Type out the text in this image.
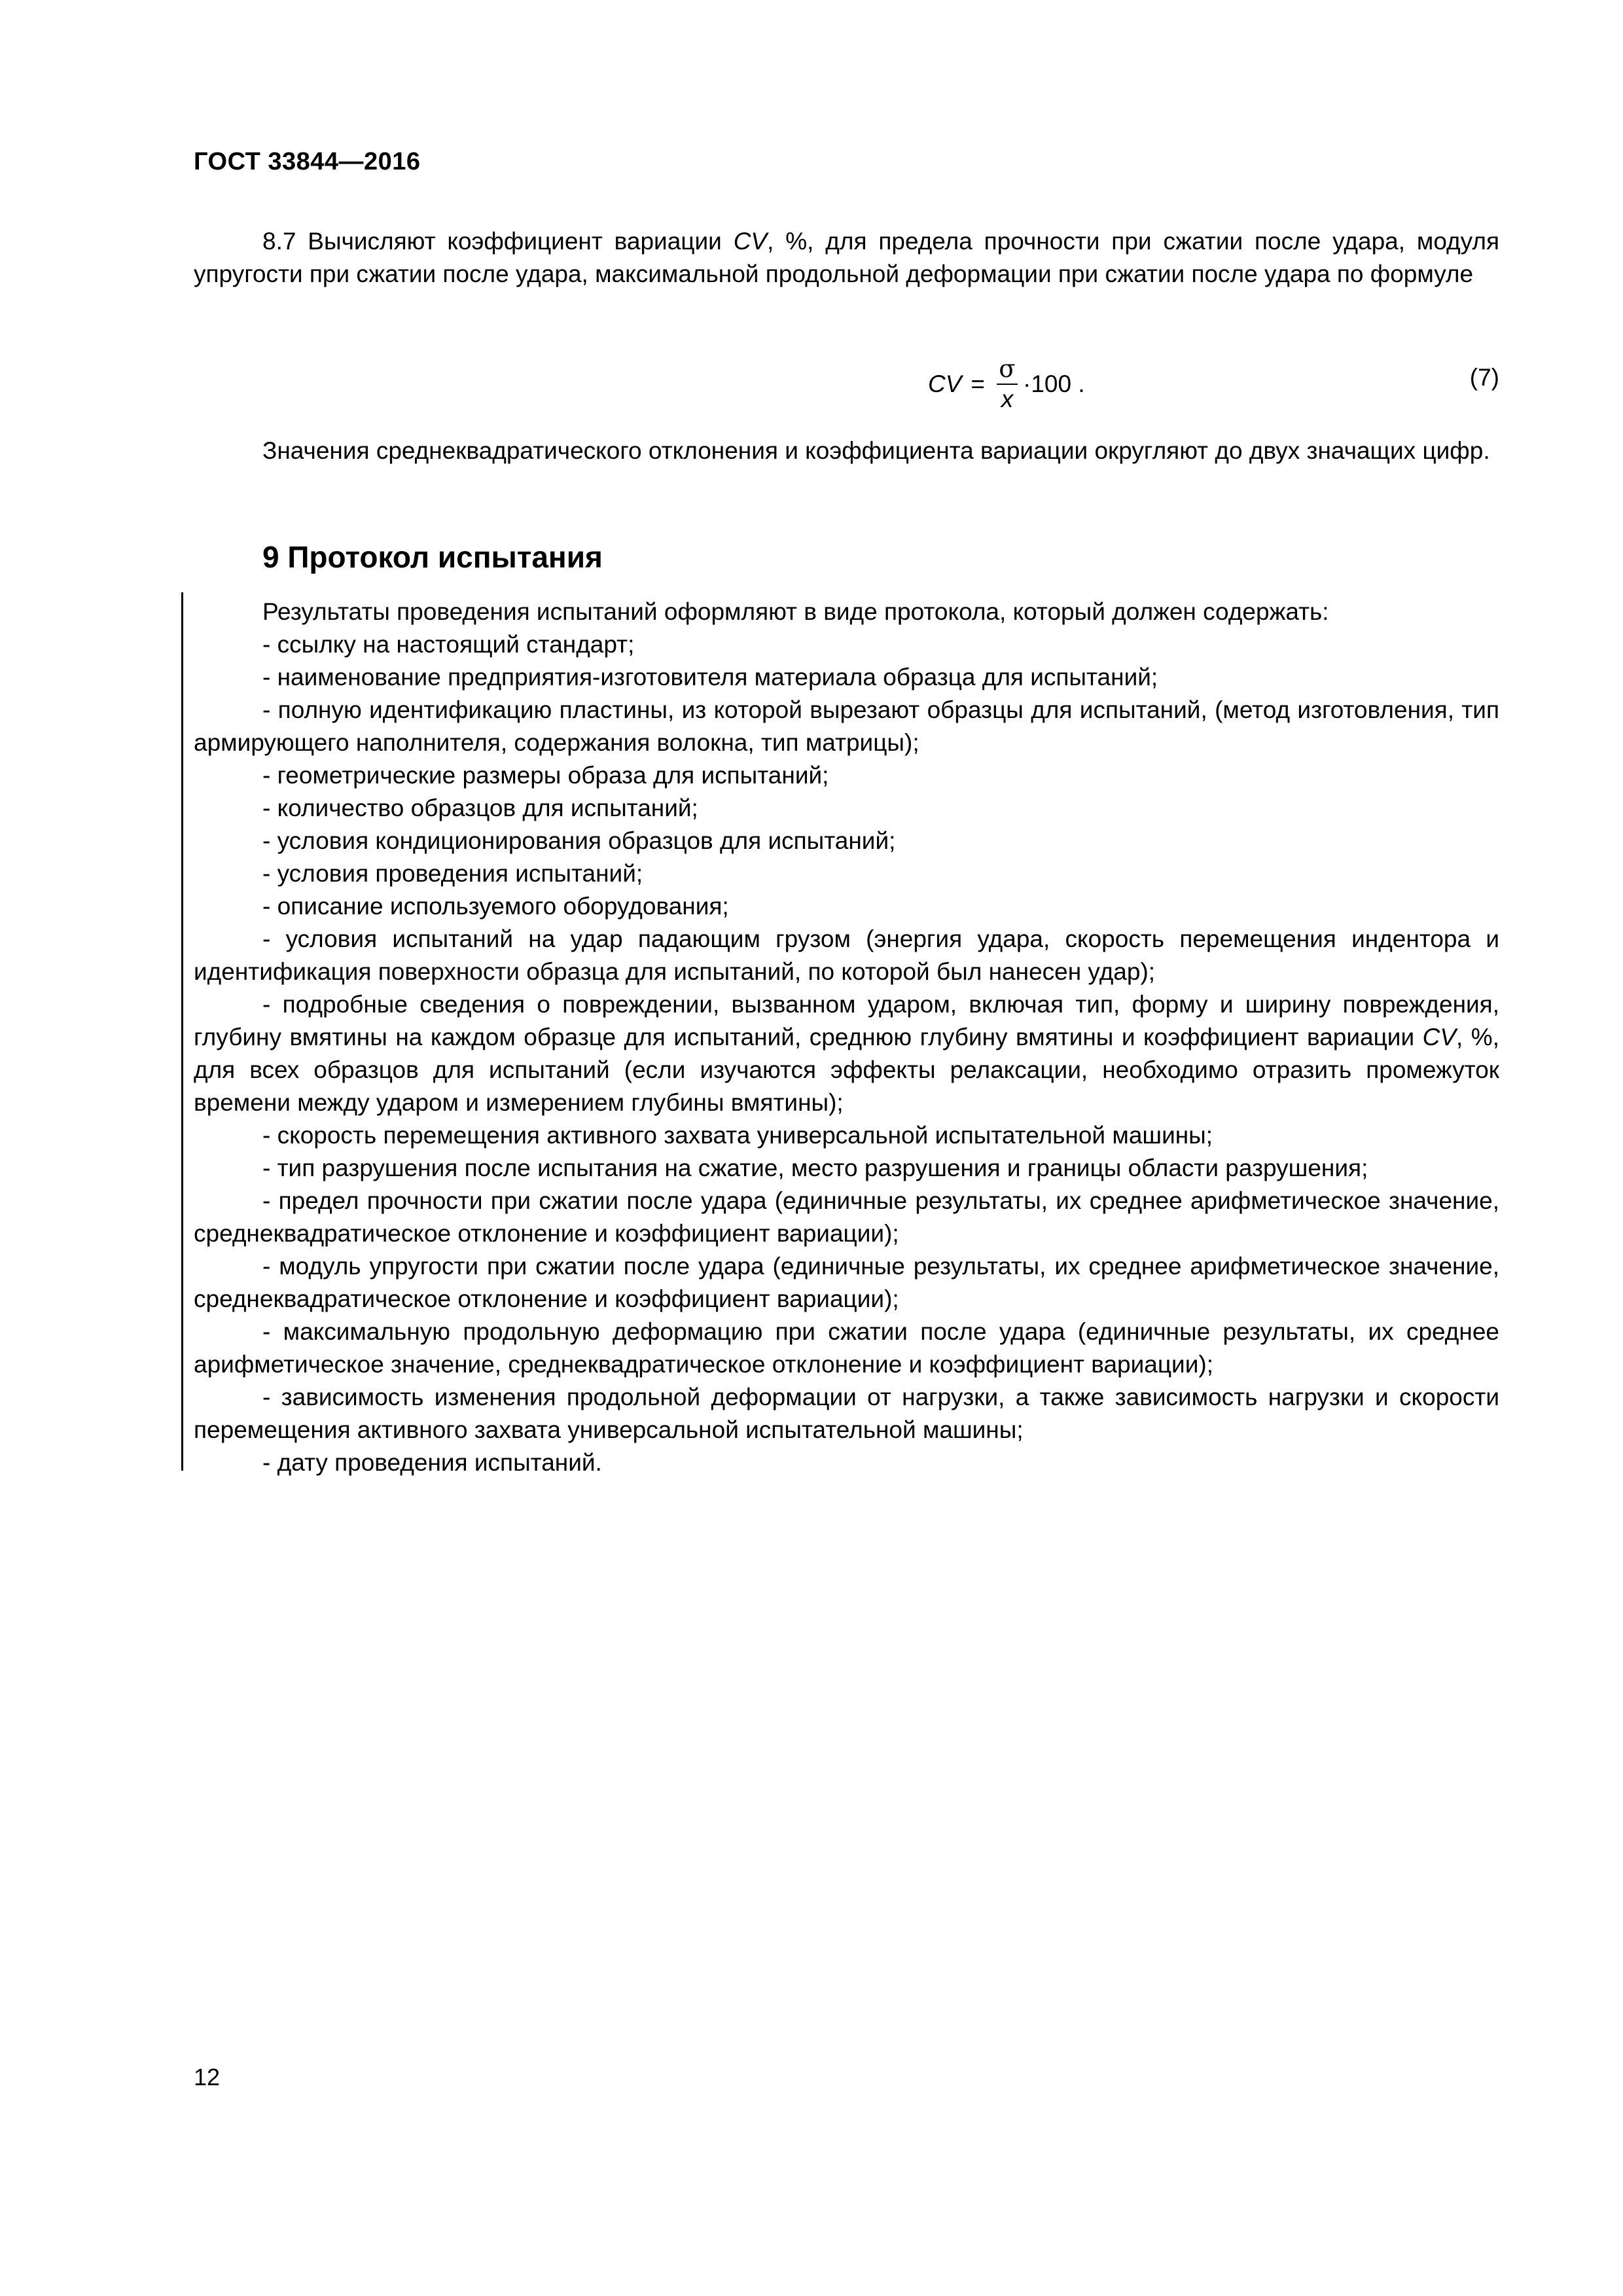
ГОСТ 33844—2016

8.7 Вычисляют коэффициент вариации CV, %, для предела прочности при сжатии после удара, модуля упругости при сжатии после удара, максимальной продольной деформации при сжатии после удара по формуле

CV = $\frac{\sigma}{x} \cdot 100$ .	(7)

Значения среднеквадратического отклонения и коэффициента вариации округляют до двух значащих цифр.

9 Протокол испытания

Результаты проведения испытаний оформляют в виде протокола, который должен содержать:

- ссылку на настоящий стандарт;

- наименование предприятия-изготовителя материала образца для испытаний;

- полную идентификацию пластины, из которой вырезают образцы для испытаний, (метод изготовления, тип армирующего наполнителя, содержания волокна, тип матрицы);

- геометрические размеры образа для испытаний;

- количество образцов для испытаний;

- условия кондиционирования образцов для испытаний;

- условия проведения испытаний;

- описание используемого оборудования;

- условия испытаний на удар падающим грузом (энергия удара, скорость перемещения индентора и идентификация поверхности образца для испытаний, по которой был нанесен удар);

- подробные сведения о повреждении, вызванном ударом, включая тип, форму и ширину повреждения, глубину вмятины на каждом образце для испытаний, среднюю глубину вмятины и коэффициент вариации CV, %, для всех образцов для испытаний (если изучаются эффекты релаксации, необходимо отразить промежуток времени между ударом и измерением глубины вмятины);

- скорость перемещения активного захвата универсальной испытательной машины;

- тип разрушения после испытания на сжатие, место разрушения и границы области разрушения;

- предел прочности при сжатии после удара (единичные результаты, их среднее арифметическое значение, среднеквадратическое отклонение и коэффициент вариации);

- модуль упругости при сжатии после удара (единичные результаты, их среднее арифметическое значение, среднеквадратическое отклонение и коэффициент вариации);

- максимальную продольную деформацию при сжатии после удара (единичные результаты, их среднее арифметическое значение, среднеквадратическое отклонение и коэффициент вариации);

- зависимость изменения продольной деформации от нагрузки, а также зависимость нагрузки и скорости перемещения активного захвата универсальной испытательной машины;

- дату проведения испытаний.

12
